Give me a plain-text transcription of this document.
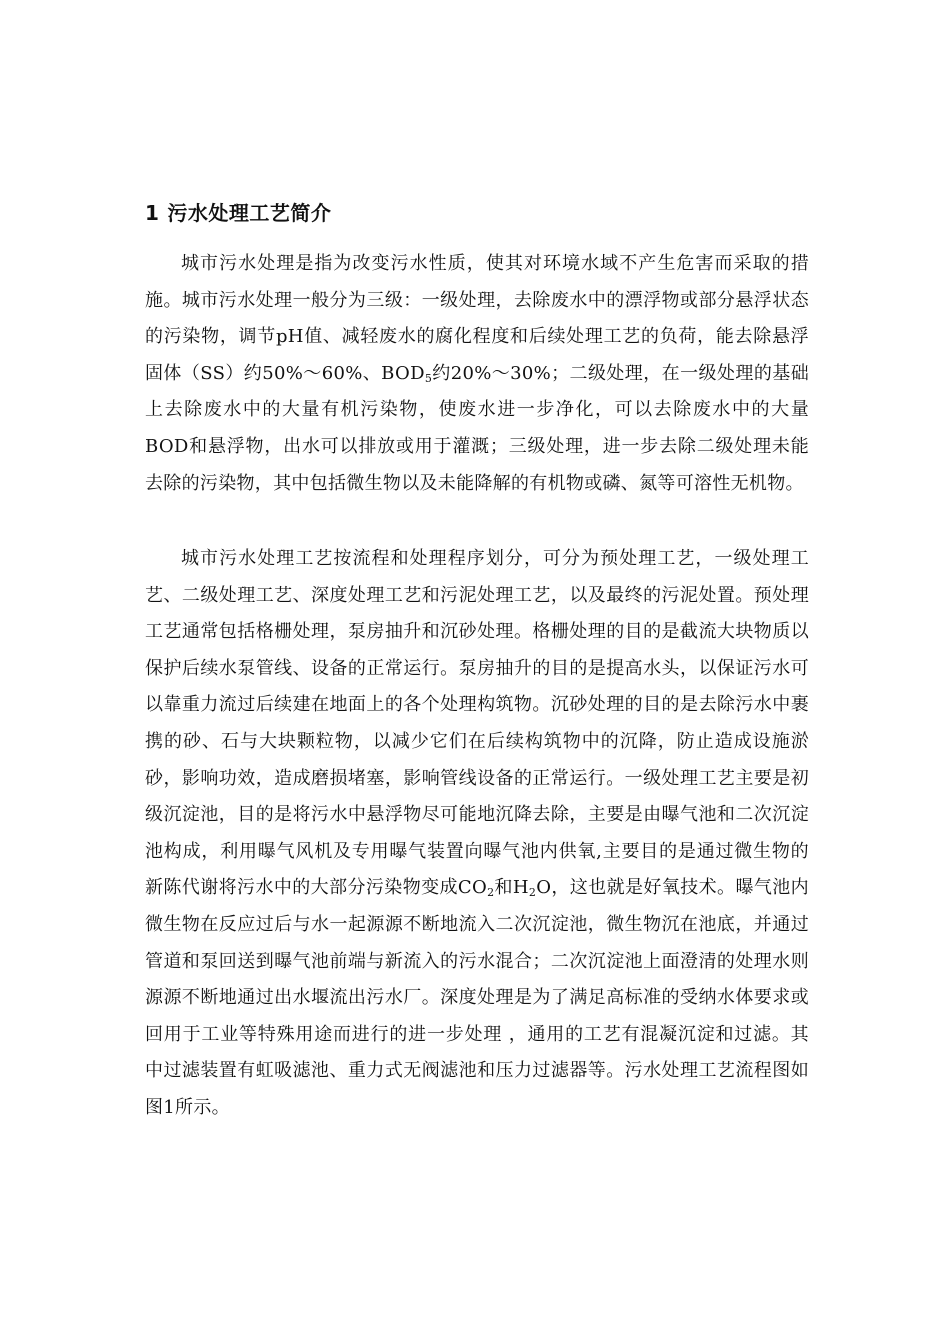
1 污水处理工艺简介

城市污水处理是指为改变污水性质，使其对环境水域不产生危害而采取的措施。城市污水处理一般分为三级：一级处理，去除废水中的漂浮物或部分悬浮状态的污染物，调节pH值、减轻废水的腐化程度和后续处理工艺的负荷，能去除悬浮固体（SS）约50%～60%、$BOD_5$约20%～30%；二级处理，在一级处理的基础上去除废水中的大量有机污染物，使废水进一步净化，可以去除废水中的大量BOD和悬浮物，出水可以排放或用于灌溉；三级处理，进一步去除二级处理未能去除的污染物，其中包括微生物以及未能降解的有机物或磷、氮等可溶性无机物。

城市污水处理工艺按流程和处理程序划分，可分为预处理工艺，一级处理工艺、二级处理工艺、深度处理工艺和污泥处理工艺，以及最终的污泥处置。预处理工艺通常包括格栅处理，泵房抽升和沉砂处理。格栅处理的目的是截流大块物质以保护后续水泵管线、设备的正常运行。泵房抽升的目的是提高水头，以保证污水可以靠重力流过后续建在地面上的各个处理构筑物。沉砂处理的目的是去除污水中裹携的砂、石与大块颗粒物，以减少它们在后续构筑物中的沉降，防止造成设施淤砂，影响功效，造成磨损堵塞，影响管线设备的正常运行。一级处理工艺主要是初级沉淀池，目的是将污水中悬浮物尽可能地沉降去除，主要是由曝气池和二次沉淀池构成，利用曝气风机及专用曝气装置向曝气池内供氧,主要目的是通过微生物的新陈代谢将污水中的大部分污染物变成$CO_2$和$H_2O$，这也就是好氧技术。曝气池内微生物在反应过后与水一起源源不断地流入二次沉淀池，微生物沉在池底，并通过管道和泵回送到曝气池前端与新流入的污水混合；二次沉淀池上面澄清的处理水则源源不断地通过出水堰流出污水厂。深度处理是为了满足高标准的受纳水体要求或回用于工业等特殊用途而进行的进一步处理 ，通用的工艺有混凝沉淀和过滤。其中过滤装置有虹吸滤池、重力式无阀滤池和压力过滤器等。污水处理工艺流程图如图1所示。
